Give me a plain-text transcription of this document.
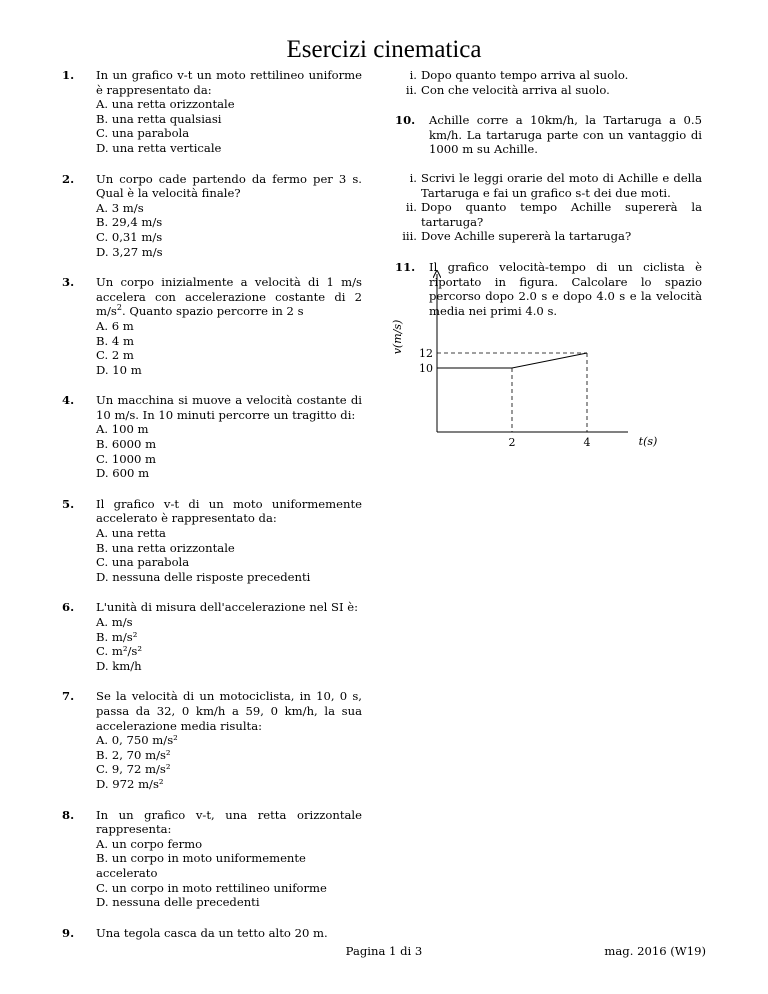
Esercizi cinematica
1. In un grafico v-t un moto rettilineo uniforme è rappresentato da:
A. una retta orizzontale
B. una retta qualsiasi
C. una parabola
D. una retta verticale
2. Un corpo cade partendo da fermo per 3 s. Qual è la velocità finale?
A. 3 m/s
B. 29,4 m/s
C. 0,31 m/s
D. 3,27 m/s
3. Un corpo inizialmente a velocità di 1 m/s accelera con accelerazione costante di 2 $m/s^2$. Quanto spazio percorre in 2 s
A. 6 m
B. 4 m
C. 2 m
D. 10 m
4. Un macchina si muove a velocità costante di 10 m/s. In 10 minuti percorre un tragitto di:
A. 100 m
B. 6000 m
C. 1000 m
D. 600 m
5. Il grafico v-t di un moto uniformemente accelerato è rappresentato da:
A. una retta
B. una retta orizzontale
C. una parabola
D. nessuna delle risposte precedenti
6. L'unità di misura dell'accelerazione nel SI è:
A. m/s
B. m/s²
C. m²/s²
D. km/h
7. Se la velocità di un motociclista, in 10, 0 s, passa da 32, 0 km/h a 59, 0 km/h, la sua accelerazione media risulta:
A. 0, 750 m/s²
B. 2, 70 m/s²
C. 9, 72 m/s²
D. 972 m/s²
8. In un grafico v-t, una retta orizzontale rappresenta:
A. un corpo fermo
B. un corpo in moto uniformemente accelerato
C. un corpo in moto rettilineo uniforme
D. nessuna delle precedenti
9. Una tegola casca da un tetto alto 20 m.
i. Dopo quanto tempo arriva al suolo.
ii. Con che velocità arriva al suolo.
10. Achille corre a 10km/h, la Tartaruga a 0.5 km/h. La tartaruga parte con un vantaggio di 1000 m su Achille.
i. Scrivi le leggi orarie del moto di Achille e della Tartaruga e fai un grafico s-t dei due moti.
ii. Dopo quanto tempo Achille supererà la tartaruga?
iii. Dove Achille supererà la tartaruga?
11. Il grafico velocità-tempo di un ciclista è riportato in figura. Calcolare lo spazio percorso dopo 2.0 s e dopo 4.0 s e la velocità media nei primi 4.0 s.
v(m/s)
t(s)
2	4
12
10
Pagina 1 di 3	mag. 2016 (W19)
